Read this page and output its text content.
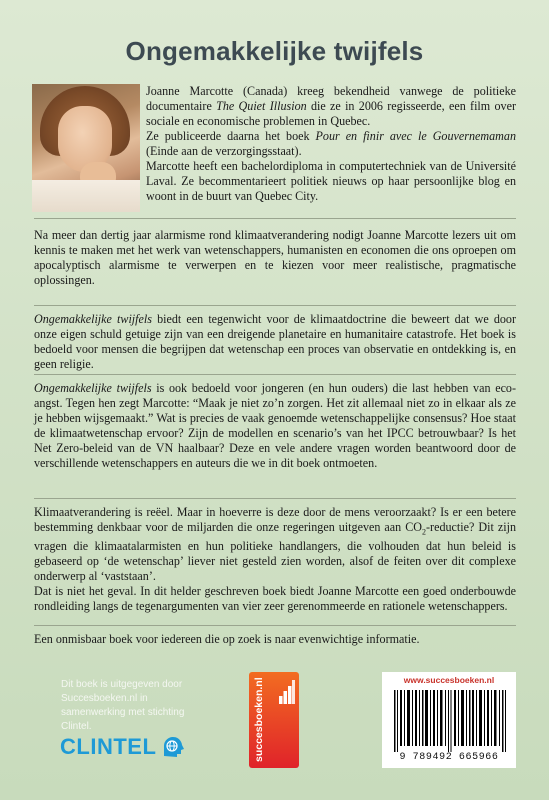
Ongemakkelijke twijfels
Joanne Marcotte (Canada) kreeg bekendheid vanwege de politieke documentaire The Quiet Illusion die ze in 2006 regisseerde, een film over sociale en economische problemen in Quebec.
Ze publiceerde daarna het boek Pour en finir avec le Gouvernemaman (Einde aan de verzorgingsstaat).
Marcotte heeft een bachelordiploma in computertechniek van de Université Laval. Ze becommentarieert politiek nieuws op haar persoonlijke blog en woont in de buurt van Quebec City.
Na meer dan dertig jaar alarmisme rond klimaatverandering nodigt Joanne Marcotte lezers uit om kennis te maken met het werk van wetenschappers, humanisten en economen die ons oproepen om apocalyptisch alarmisme te verwerpen en te kiezen voor meer realistische, pragmatische oplossingen.
Ongemakkelijke twijfels biedt een tegenwicht voor de klimaatdoctrine die beweert dat we door onze eigen schuld getuige zijn van een dreigende planetaire en humanitaire catastrofe. Het boek is bedoeld voor mensen die begrijpen dat wetenschap een proces van observatie en ontdekking is, en geen religie.
Ongemakkelijke twijfels is ook bedoeld voor jongeren (en hun ouders) die last hebben van eco-angst. Tegen hen zegt Marcotte: “Maak je niet zo’n zorgen. Het zit allemaal niet zo in elkaar als ze je hebben wijsgemaakt.” Wat is precies de vaak genoemde wetenschappelijke consensus? Hoe staat de klimaatwetenschap ervoor? Zijn de modellen en scenario’s van het IPCC betrouwbaar? Is het Net Zero-beleid van de VN haalbaar? Deze en vele andere vragen worden beantwoord door de verschillende wetenschappers en auteurs die we in dit boek ontmoeten.
Klimaatverandering is reëel. Maar in hoeverre is deze door de mens veroorzaakt? Is er een betere bestemming denkbaar voor de miljarden die onze regeringen uitgeven aan $CO_2$-reductie? Dit zijn vragen die klimaatalarmisten en hun politieke handlangers, die volhouden dat hun beleid is gebaseerd op ‘de wetenschap’ liever niet gesteld zien worden, alsof de feiten over dit complexe onderwerp al ‘vaststaan’.
Dat is niet het geval. In dit helder geschreven boek biedt Joanne Marcotte een goed onderbouwde rondleiding langs de tegenargumenten van vier zeer gerenommeerde en rationele wetenschappers.
Een onmisbaar boek voor iedereen die op zoek is naar evenwichtige informatie.
Dit boek is uitgegeven door Succesboeken.nl in samenwerking met stichting Clintel.
CLINTEL	succesboeken.nl	www.succesboeken.nl
9 789492 665966
